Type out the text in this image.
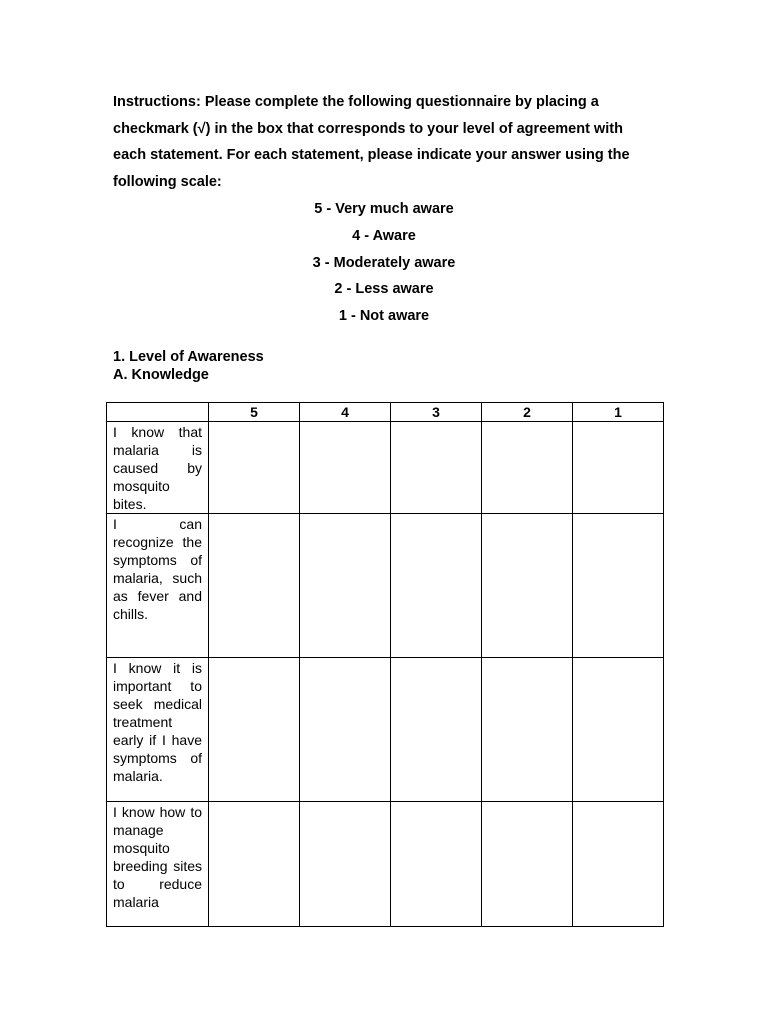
Instructions: Please complete the following questionnaire by placing a checkmark (√) in the box that corresponds to your level of agreement with each statement. For each statement, please indicate your answer using the following scale:

5 - Very much aware
4 - Aware
3 - Moderately aware
2 - Less aware
1 - Not aware

1. Level of Awareness

A. Knowledge

	5	4	3	2	1

I know that malaria is caused by mosquito bites.					

I can recognize the symptoms of malaria, such as fever and chills.					

I know it is important to seek medical treatment early if I have symptoms of malaria.					

I know how to manage mosquito breeding sites to reduce malaria					
